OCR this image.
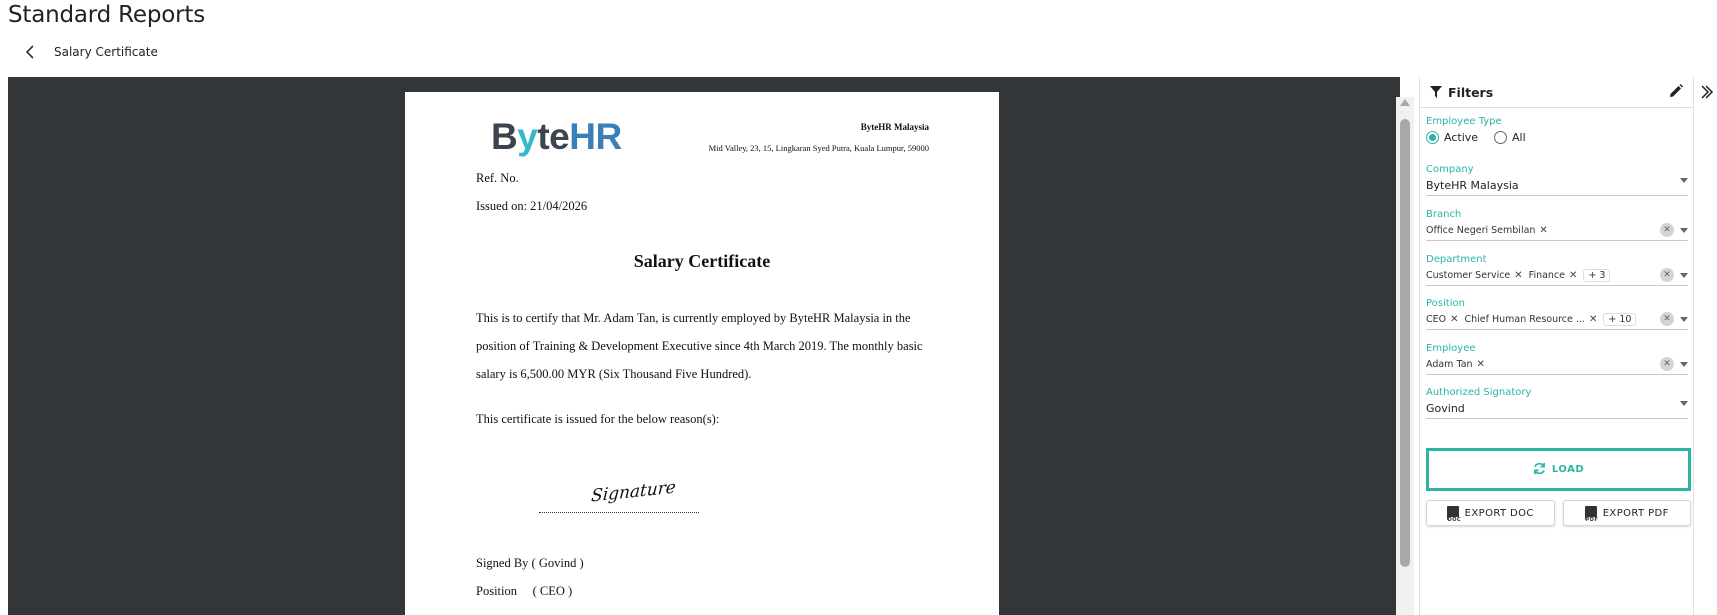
Standard Reports
Salary Certificate
ByteHR	ByteHR Malaysia
Mid Valley, 23, 15, Lingkaran Syed Putra, Kuala Lumpur, 59000
Ref. No.
Issued on: 21/04/2026
Salary Certificate
This is to certify that Mr. Adam Tan, is currently employed by ByteHR Malaysia in the position of Training & Development Executive since 4th March 2019. The monthly basic salary is 6,500.00 MYR (Six Thousand Five Hundred).
This certificate is issued for the below reason(s):
Signature
Signed By ( Govind )
Position     ( CEO )
Filters
Employee Type
Active	All
Company
ByteHR Malaysia
Branch
Office Negeri Sembilan ✕	✕
Department
Customer Service ✕ Finance ✕	+ 3	✕
Position
CEO ✕ Chief Human Resource ... ✕	+ 10	✕
Employee
Adam Tan ✕	✕
Authorized Signatory
Govind
LOAD
DOC
EXPORT DOC
PDF
EXPORT PDF
